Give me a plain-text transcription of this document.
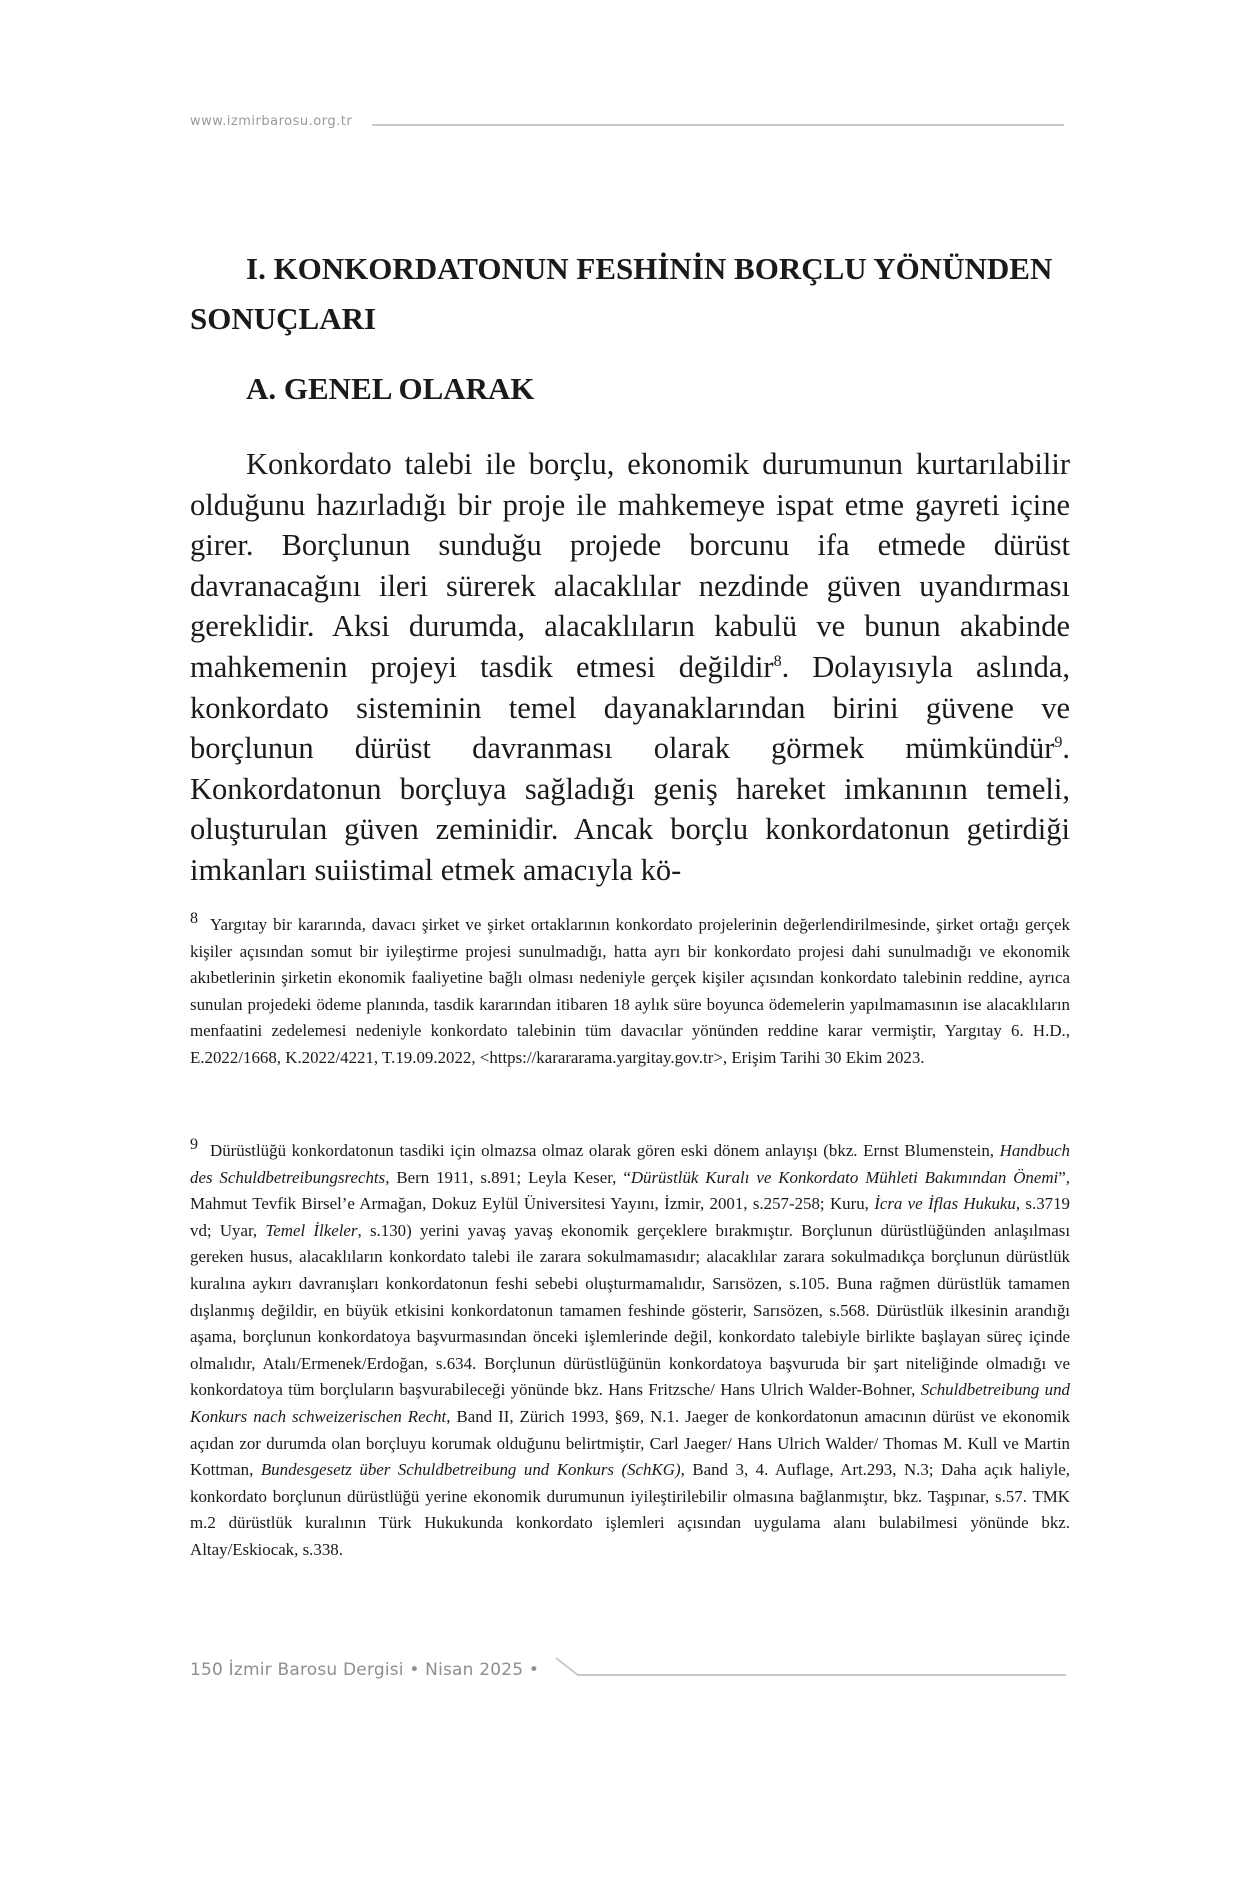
www.izmirbarosu.org.tr
I. KONKORDATONUN FESHİNİN BORÇLU YÖNÜNDEN SONUÇLARI
A. GENEL OLARAK

Konkordato talebi ile borçlu, ekonomik durumunun kurtarılabilir olduğunu hazırladığı bir proje ile mahkemeye ispat etme gayreti içine girer. Borçlunun sunduğu projede borcunu ifa etmede dürüst davranacağını ileri sürerek alacaklılar nezdinde güven uyandırması gereklidir. Aksi durumda, alacaklıların kabulü ve bunun akabinde mahkemenin projeyi tasdik etmesi değildir$^8$. Dolayısıyla aslında, konkordato sisteminin temel dayanaklarından birini güvene ve borçlunun dürüst davranması olarak görmek mümkündür$^9$. Konkordatonun borçluya sağladığı geniş hareket imkanının temeli, oluşturulan güven zeminidir. Ancak borçlu konkordatonun getirdiği imkanları suiistimal etmek amacıyla kö-

8 Yargıtay bir kararında, davacı şirket ve şirket ortaklarının konkordato projelerinin değerlendirilmesinde, şirket ortağı gerçek kişiler açısından somut bir iyileştirme projesi sunulmadığı, hatta ayrı bir konkordato projesi dahi sunulmadığı ve ekonomik akıbetlerinin şirketin ekonomik faaliyetine bağlı olması nedeniyle gerçek kişiler açısından konkordato talebinin reddine, ayrıca sunulan projedeki ödeme planında, tasdik kararından itibaren 18 aylık süre boyunca ödemelerin yapılmamasının ise alacaklıların menfaatini zedelemesi nedeniyle konkordato talebinin tüm davacılar yönünden reddine karar vermiştir, Yargıtay 6. H.D., E.2022/1668, K.2022/4221, T.19.09.2022, <https://karararama.yargitay.gov.tr>, Erişim Tarihi 30 Ekim 2023.

9 Dürüstlüğü konkordatonun tasdiki için olmazsa olmaz olarak gören eski dönem anlayışı (bkz. Ernst Blumenstein, Handbuch des Schuldbetreibungsrechts, Bern 1911, s.891; Leyla Keser, “Dürüstlük Kuralı ve Konkordato Mühleti Bakımından Önemi”, Mahmut Tevfik Birsel’e Armağan, Dokuz Eylül Üniversitesi Yayını, İzmir, 2001, s.257-258; Kuru, İcra ve İflas Hukuku, s.3719 vd; Uyar, Temel İlkeler, s.130) yerini yavaş yavaş ekonomik gerçeklere bırakmıştır. Borçlunun dürüstlüğünden anlaşılması gereken husus, alacaklıların konkordato talebi ile zarara sokulmamasıdır; alacaklılar zarara sokulmadıkça borçlunun dürüstlük kuralına aykırı davranışları konkordatonun feshi sebebi oluşturmamalıdır, Sarısözen, s.105. Buna rağmen dürüstlük tamamen dışlanmış değildir, en büyük etkisini konkordatonun tamamen feshinde gösterir, Sarısözen, s.568. Dürüstlük ilkesinin arandığı aşama, borçlunun konkordatoya başvurmasından önceki işlemlerinde değil, konkordato talebiyle birlikte başlayan süreç içinde olmalıdır, Atalı/Ermenek/Erdoğan, s.634. Borçlunun dürüstlüğünün konkordatoya başvuruda bir şart niteliğinde olmadığı ve konkordatoya tüm borçluların başvurabileceği yönünde bkz. Hans Fritzsche/ Hans Ulrich Walder-Bohner, Schuldbetreibung und Konkurs nach schweizerischen Recht, Band II, Zürich 1993, §69, N.1. Jaeger de konkordatonun amacının dürüst ve ekonomik açıdan zor durumda olan borçluyu korumak olduğunu belirtmiştir, Carl Jaeger/ Hans Ulrich Walder/ Thomas M. Kull ve Martin Kottman, Bundesgesetz über Schuldbetreibung und Konkurs (SchKG), Band 3, 4. Auflage, Art.293, N.3; Daha açık haliyle, konkordato borçlunun dürüstlüğü yerine ekonomik durumunun iyileştirilebilir olmasına bağlanmıştır, bkz. Taşpınar, s.57. TMK m.2 dürüstlük kuralının Türk Hukukunda konkordato işlemleri açısından uygulama alanı bulabilmesi yönünde bkz. Altay/Eskiocak, s.338.

150 İzmir Barosu Dergisi • Nisan 2025 •
